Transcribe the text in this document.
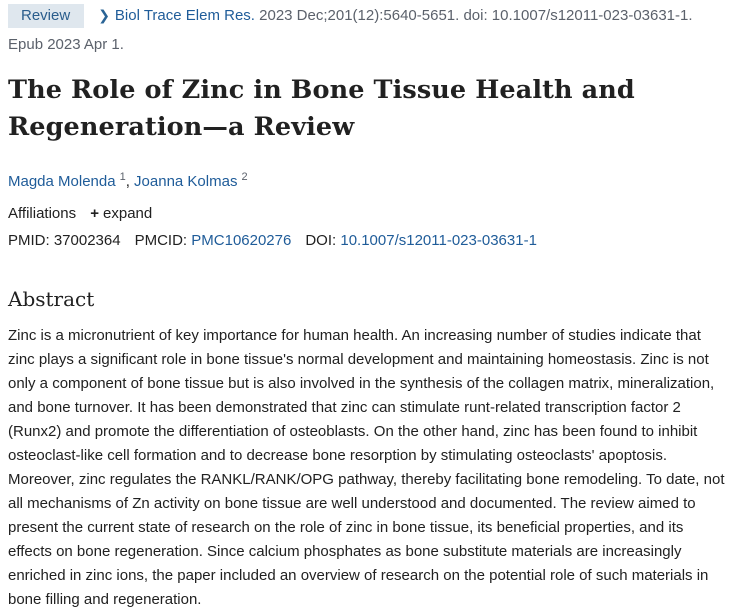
Review ❯ Biol Trace Elem Res. 2023 Dec;201(12):5640-5651. doi: 10.1007/s12011-023-03631-1.
Epub 2023 Apr 1.
The Role of Zinc in Bone Tissue Health and Regeneration—a Review
Magda Molenda $^1$, Joanna Kolmas $^2$
Affiliations + expand
PMID: 37002364 PMCID: PMC10620276 DOI: 10.1007/s12011-023-03631-1
Abstract

Zinc is a micronutrient of key importance for human health. An increasing number of studies indicate that zinc plays a significant role in bone tissue's normal development and maintaining homeostasis. Zinc is not only a component of bone tissue but is also involved in the synthesis of the collagen matrix, mineralization, and bone turnover. It has been demonstrated that zinc can stimulate runt-related transcription factor 2 (Runx2) and promote the differentiation of osteoblasts. On the other hand, zinc has been found to inhibit osteoclast-like cell formation and to decrease bone resorption by stimulating osteoclasts' apoptosis. Moreover, zinc regulates the RANKL/RANK/OPG pathway, thereby facilitating bone remodeling. To date, not all mechanisms of Zn activity on bone tissue are well understood and documented. The review aimed to present the current state of research on the role of zinc in bone tissue, its beneficial properties, and its effects on bone regeneration. Since calcium phosphates as bone substitute materials are increasingly enriched in zinc ions, the paper included an overview of research on the potential role of such materials in bone filling and regeneration.
